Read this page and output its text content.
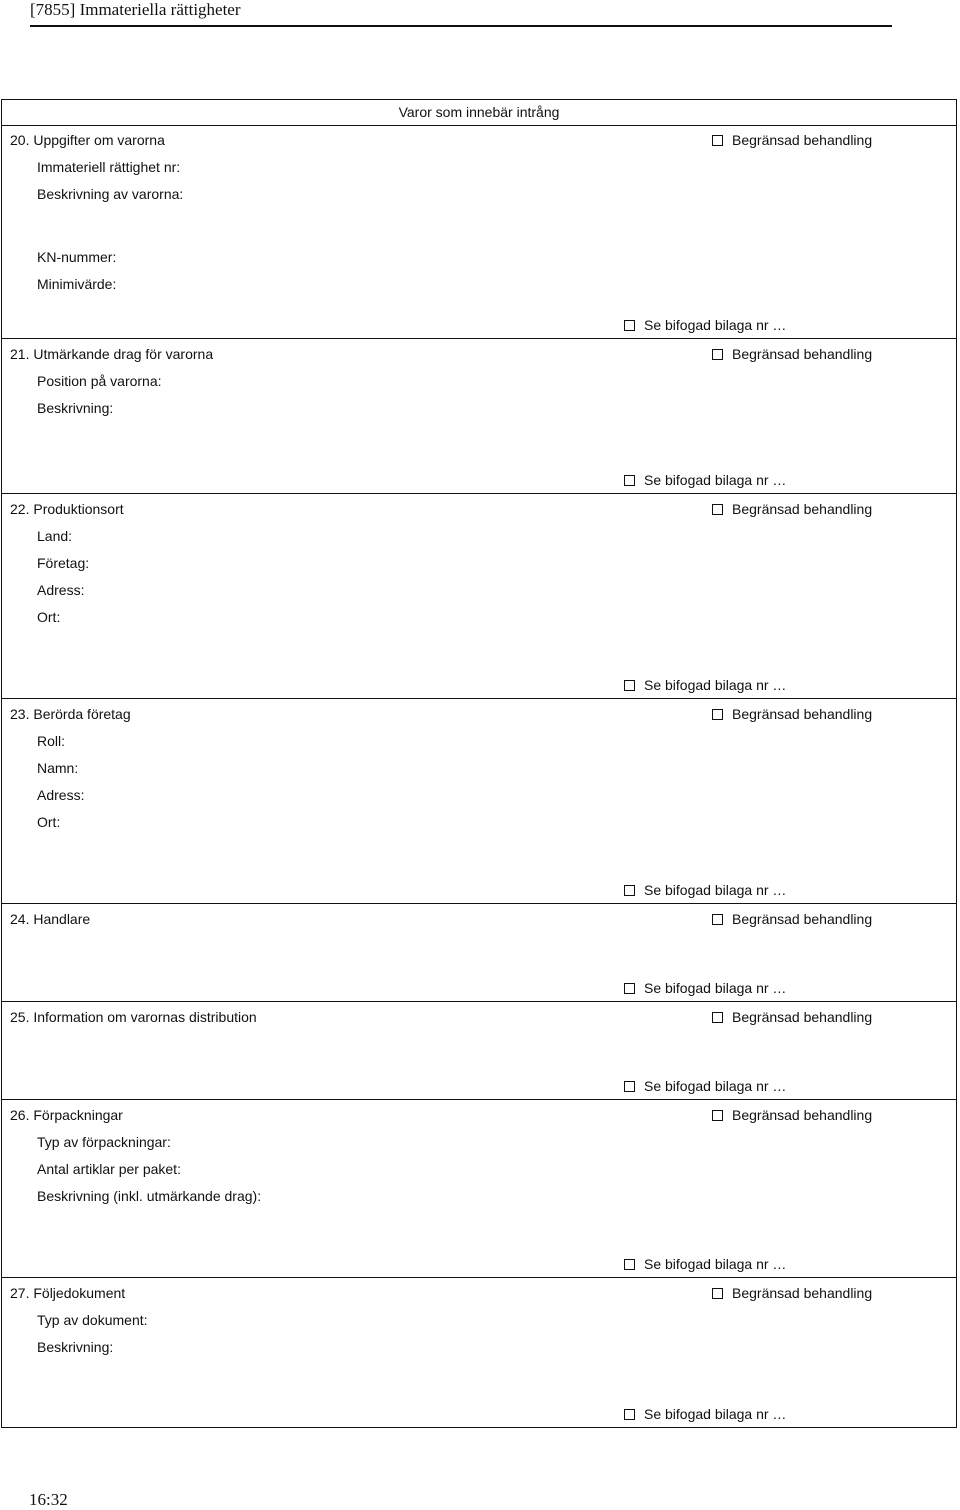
[7855] Immateriella rättigheter
Varor som innebär intrång
20. Uppgifter om varorna	Begränsad behandling
Immateriell rättighet nr:
Beskrivning av varorna:
KN-nummer:
Minimivärde:
Se bifogad bilaga nr …
21. Utmärkande drag för varorna	Begränsad behandling
Position på varorna:
Beskrivning:
Se bifogad bilaga nr …
22. Produktionsort	Begränsad behandling
Land:
Företag:
Adress:
Ort:
Se bifogad bilaga nr …
23. Berörda företag	Begränsad behandling
Roll:
Namn:
Adress:
Ort:
Se bifogad bilaga nr …
24. Handlare	Begränsad behandling
Se bifogad bilaga nr …
25. Information om varornas distribution	Begränsad behandling
Se bifogad bilaga nr …
26. Förpackningar	Begränsad behandling
Typ av förpackningar:
Antal artiklar per paket:
Beskrivning (inkl. utmärkande drag):
Se bifogad bilaga nr …
27. Följedokument	Begränsad behandling
Typ av dokument:
Beskrivning:
Se bifogad bilaga nr …
16:32
